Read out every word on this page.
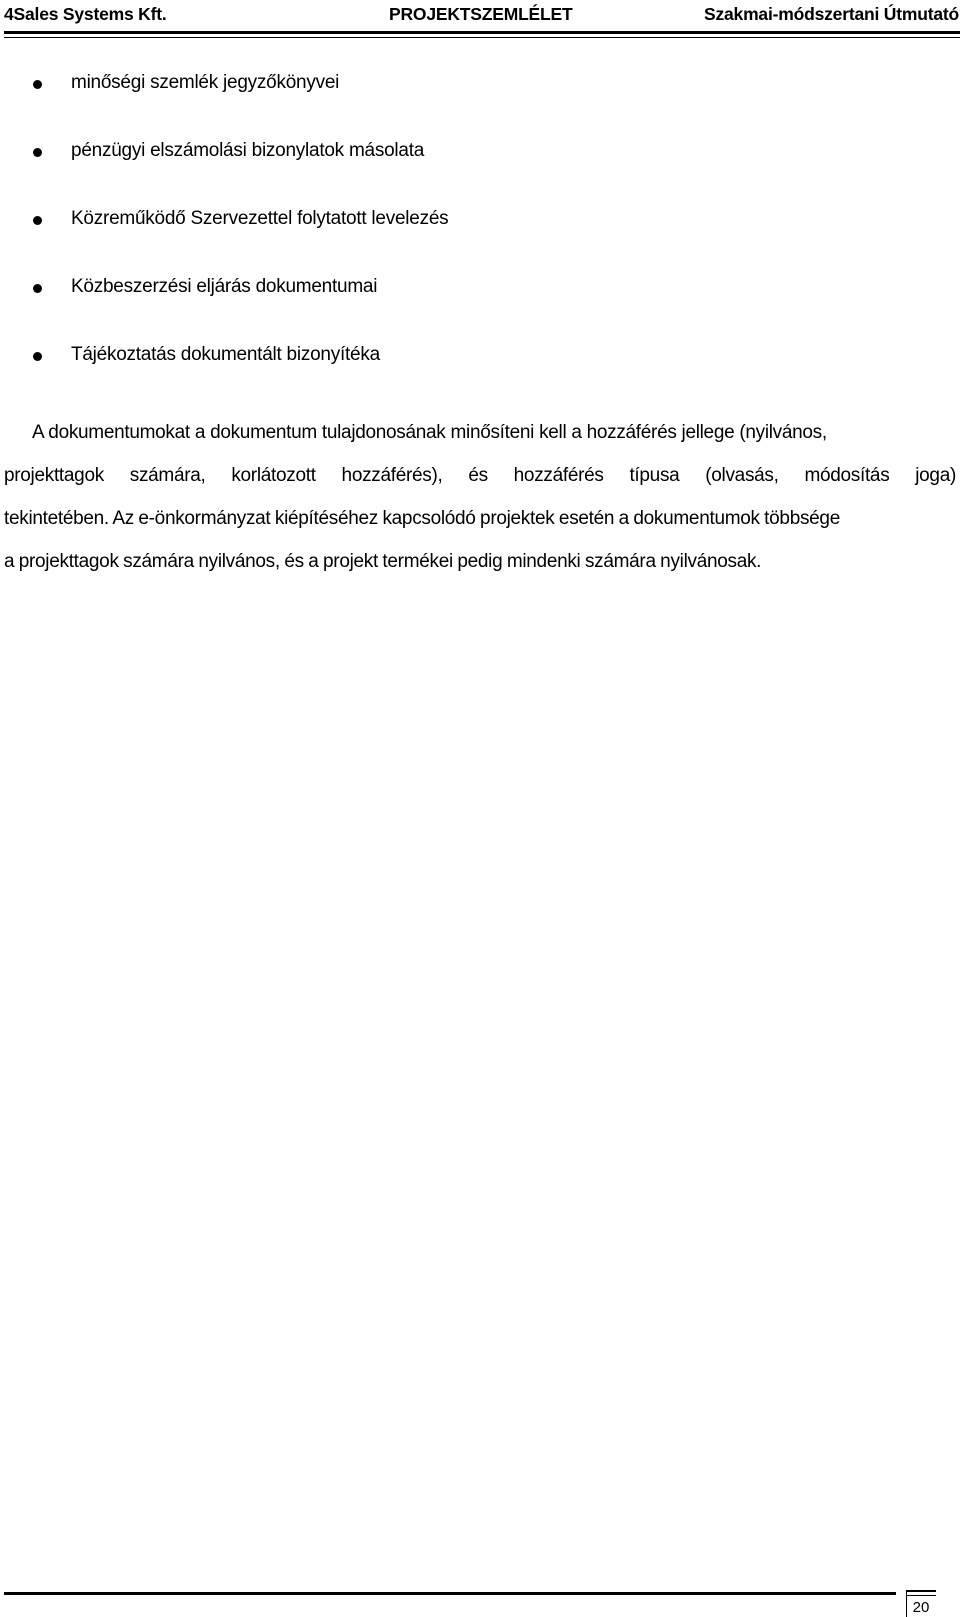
4Sales Systems Kft.	PROJEKTSZEMLÉLET	Szakmai-módszertani Útmutató
minőségi szemlék jegyzőkönyvei
pénzügyi elszámolási bizonylatok másolata
Közreműködő Szervezettel folytatott levelezés
Közbeszerzési eljárás dokumentumai
Tájékoztatás dokumentált bizonyítéka
A dokumentumokat a dokumentum tulajdonosának minősíteni kell a hozzáférés jellege (nyilvános,
projekttagok számára, korlátozott hozzáférés), és hozzáférés típusa (olvasás, módosítás joga)
tekintetében. Az e-önkormányzat kiépítéséhez kapcsolódó projektek esetén a dokumentumok többsége
a projekttagok számára nyilvános, és a projekt termékei pedig mindenki számára nyilvánosak.
20
